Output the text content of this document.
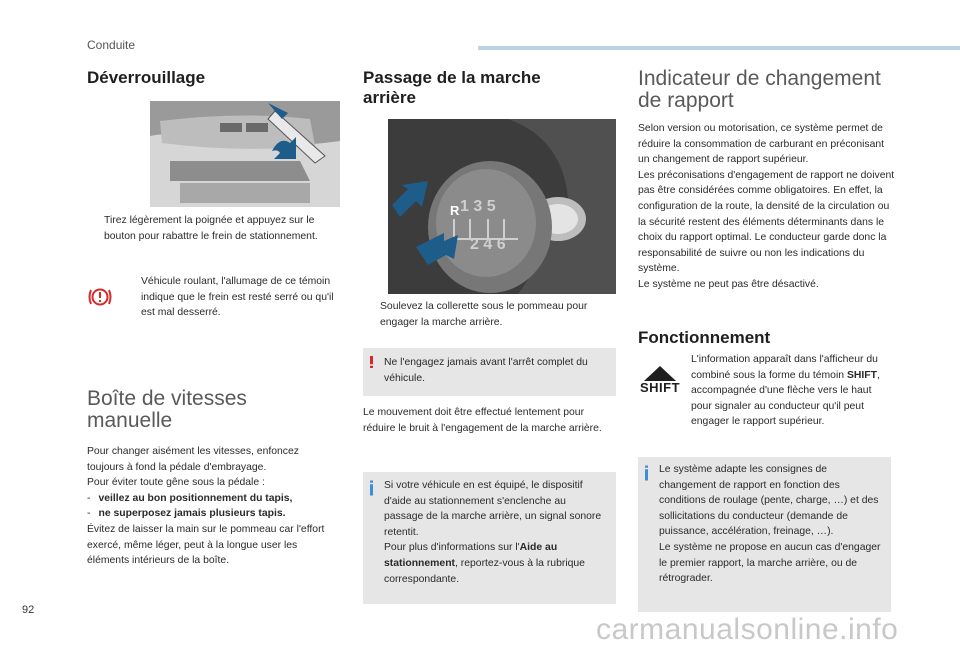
Conduite
Déverrouillage

Tirez légèrement la poignée et appuyez sur le bouton pour rabattre le frein de stationnement.

Véhicule roulant, l'allumage de ce témoin indique que le frein est resté serré ou qu'il est mal desserré.

Boîte de vitesses manuelle

Pour changer aisément les vitesses, enfoncez toujours à fond la pédale d'embrayage.

Pour éviter toute gêne sous la pédale :

- veillez au bon positionnement du tapis,

- ne superposez jamais plusieurs tapis.

Évitez de laisser la main sur le pommeau car l'effort exercé, même léger, peut à la longue user les éléments intérieurs de la boîte.

Passage de la marche arrière
1 3 5
2 4 6
R

Soulevez la collerette sous le pommeau pour engager la marche arrière.

Ne l'engagez jamais avant l'arrêt complet du véhicule.

Le mouvement doit être effectué lentement pour réduire le bruit à l'engagement de la marche arrière.

Si votre véhicule en est équipé, le dispositif d'aide au stationnement s'enclenche au passage de la marche arrière, un signal sonore retentit.

Pour plus d'informations sur l'Aide au stationnement, reportez-vous à la rubrique correspondante.

Indicateur de changement de rapport

Selon version ou motorisation, ce système permet de réduire la consommation de carburant en préconisant un changement de rapport supérieur.

Les préconisations d'engagement de rapport ne doivent pas être considérées comme obligatoires. En effet, la configuration de la route, la densité de la circulation ou la sécurité restent des éléments déterminants dans le choix du rapport optimal. Le conducteur garde donc la responsabilité de suivre ou non les indications du système.

Le système ne peut pas être désactivé.

Fonctionnement
SHIFT

L'information apparaît dans l'afficheur du combiné sous la forme du témoin SHIFT, accompagnée d'une flèche vers le haut pour signaler au conducteur qu'il peut engager le rapport supérieur.

Le système adapte les consignes de changement de rapport en fonction des conditions de roulage (pente, charge, …) et des sollicitations du conducteur (demande de puissance, accélération, freinage, …).

Le système ne propose en aucun cas d'engager le premier rapport, la marche arrière, ou de rétrograder.

92
carmanualsonline.info
